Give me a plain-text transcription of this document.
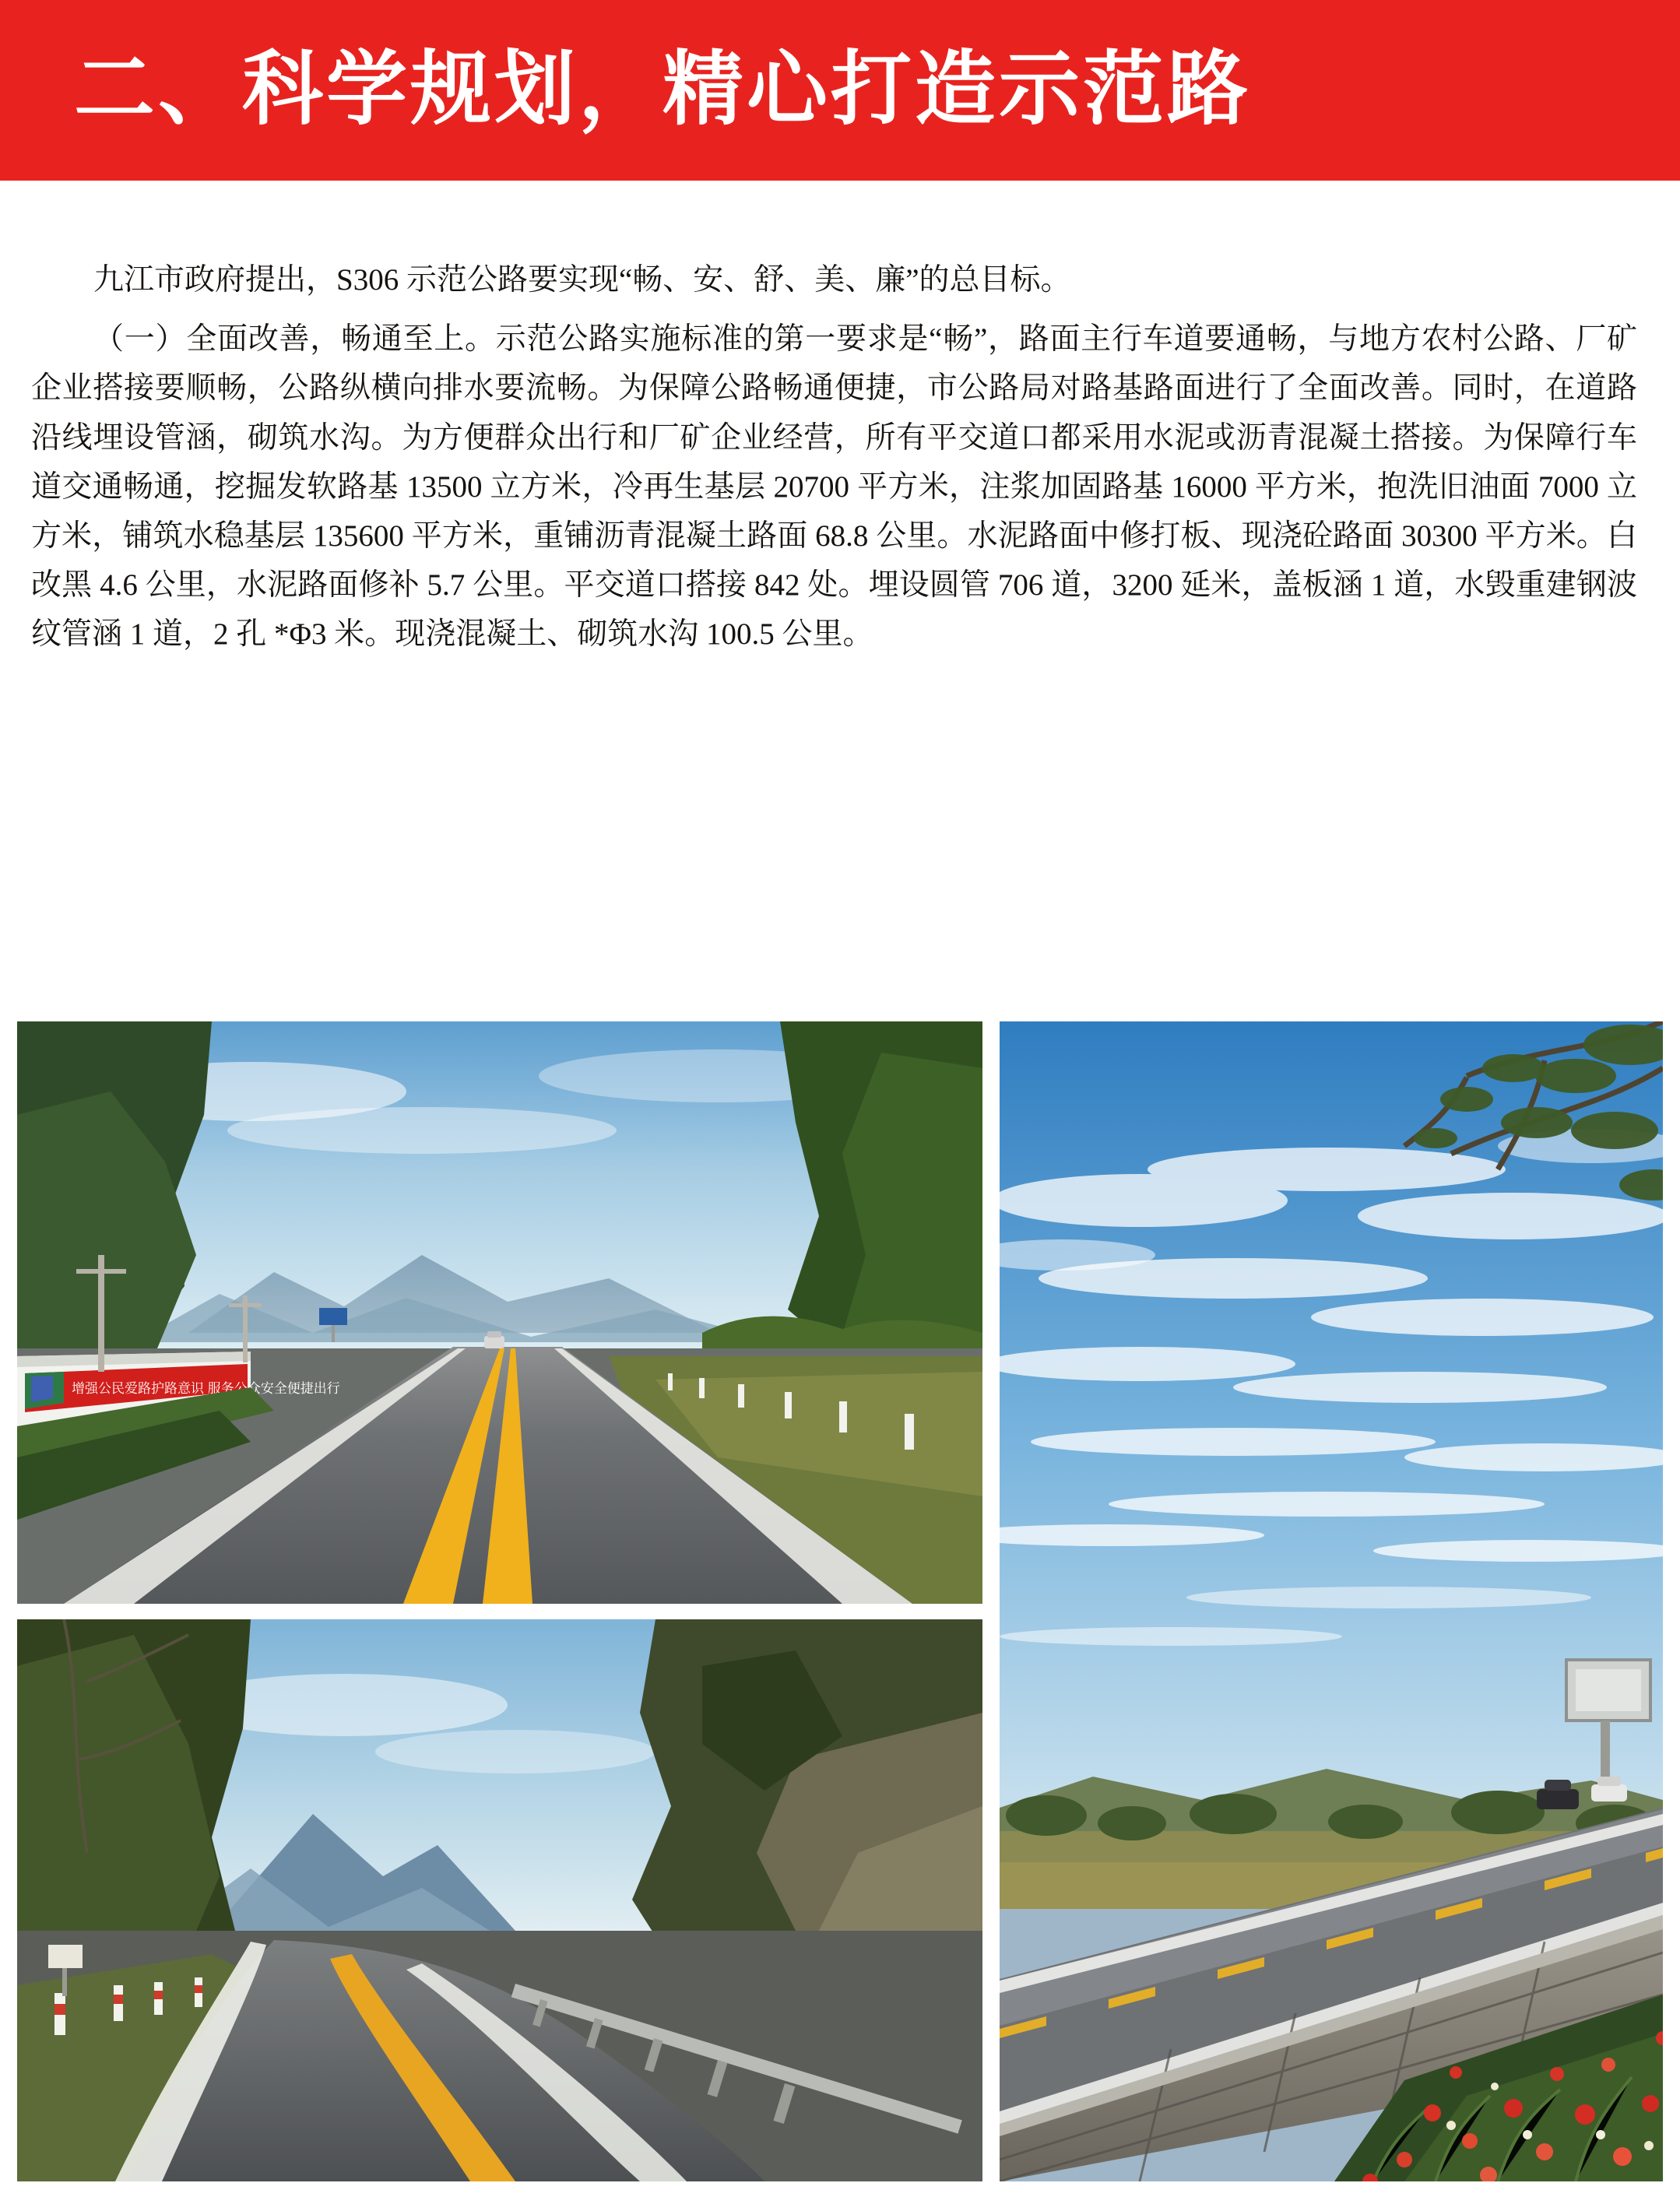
二、科学规划，精心打造示范路

九江市政府提出，S306 示范公路要实现“畅、安、舒、美、廉”的总目标。

（一）全面改善，畅通至上。示范公路实施标准的第一要求是“畅”，路面主行车道要通畅，与地方农村公路、厂矿企业搭接要顺畅，公路纵横向排水要流畅。为保障公路畅通便捷，市公路局对路基路面进行了全面改善。同时，在道路沿线埋设管涵，砌筑水沟。为方便群众出行和厂矿企业经营，所有平交道口都采用水泥或沥青混凝土搭接。为保障行车道交通畅通，挖掘发软路基 13500 立方米，冷再生基层 20700 平方米，注浆加固路基 16000 平方米，抱洗旧油面 7000 立方米，铺筑水稳基层 135600 平方米，重铺沥青混凝土路面 68.8 公里。水泥路面中修打板、现浇砼路面 30300 平方米。白改黑 4.6 公里，水泥路面修补 5.7 公里。平交道口搭接 842 处。埋设圆管 706 道，3200 延米，盖板涵 1 道，水毁重建钢波纹管涵 1 道，2 孔 *Φ3 米。现浇混凝土、砌筑水沟 100.5 公里。

增强公民爱路护路意识 服务公众安全便捷出行
